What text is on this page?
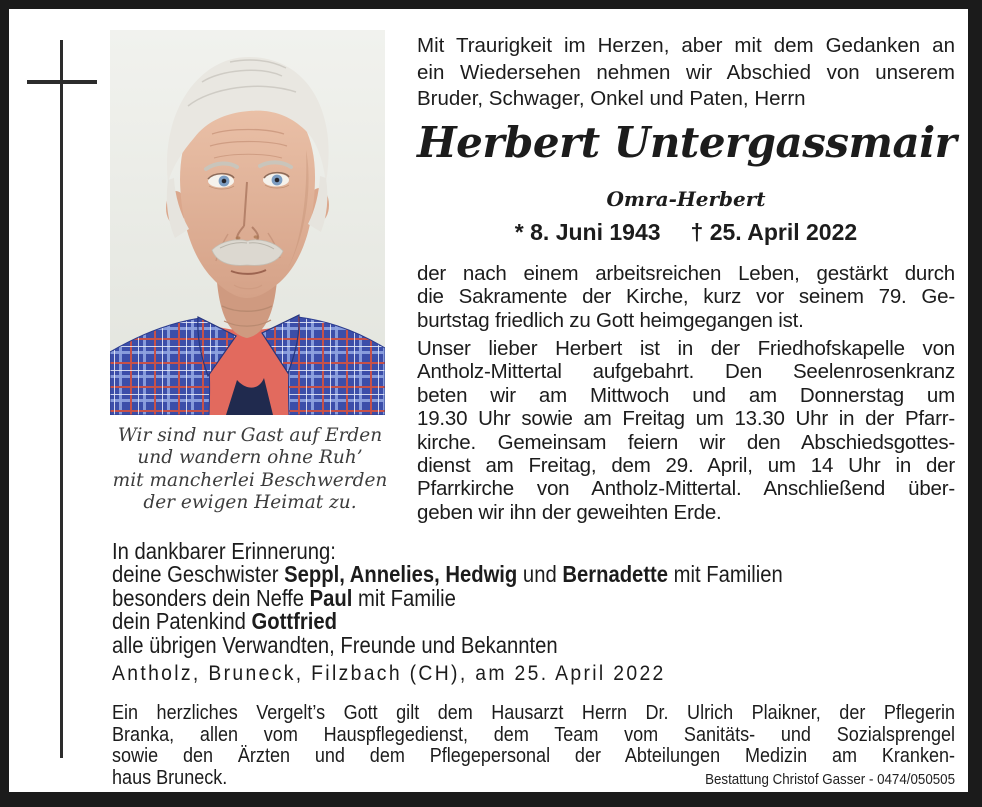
Wir sind nur Gast auf Erden
und wandern ohne Ruh’
mit mancherlei Beschwerden
der ewigen Heimat zu.
Mit Traurigkeit im Herzen, aber mit dem Gedanken an
ein Wiedersehen nehmen wir Abschied von unserem
Bruder, Schwager, Onkel und Paten, Herrn
Herbert Untergassmair
Omra-Herbert
* 8. Juni 1943 † 25. April 2022
der nach einem arbeitsreichen Leben, gestärkt durch
die Sakramente der Kirche, kurz vor seinem 79. Ge-
burtstag friedlich zu Gott heimgegangen ist.
Unser lieber Herbert ist in der Friedhofskapelle von
Antholz-Mittertal aufgebahrt. Den Seelenrosenkranz
beten wir am Mittwoch und am Donnerstag um
19.30 Uhr sowie am Freitag um 13.30 Uhr in der Pfarr-
kirche. Gemeinsam feiern wir den Abschiedsgottes-
dienst am Freitag, dem 29. April, um 14 Uhr in der
Pfarrkirche von Antholz-Mittertal. Anschließend über-
geben wir ihn der geweihten Erde.
In dankbarer Erinnerung:
deine Geschwister Seppl, Annelies, Hedwig und Bernadette mit Familien
besonders dein Neffe Paul mit Familie
dein Patenkind Gottfried
alle übrigen Verwandten, Freunde und Bekannten
Antholz, Bruneck, Filzbach (CH), am 25. April 2022
Ein herzliches Vergelt’s Gott gilt dem Hausarzt Herrn Dr. Ulrich Plaikner, der Pflegerin
Branka, allen vom Hauspflegedienst, dem Team vom Sanitäts- und Sozialsprengel
sowie den Ärzten und dem Pflegepersonal der Abteilungen Medizin am Kranken-
haus Bruneck.	Bestattung Christof Gasser - 0474/050505
